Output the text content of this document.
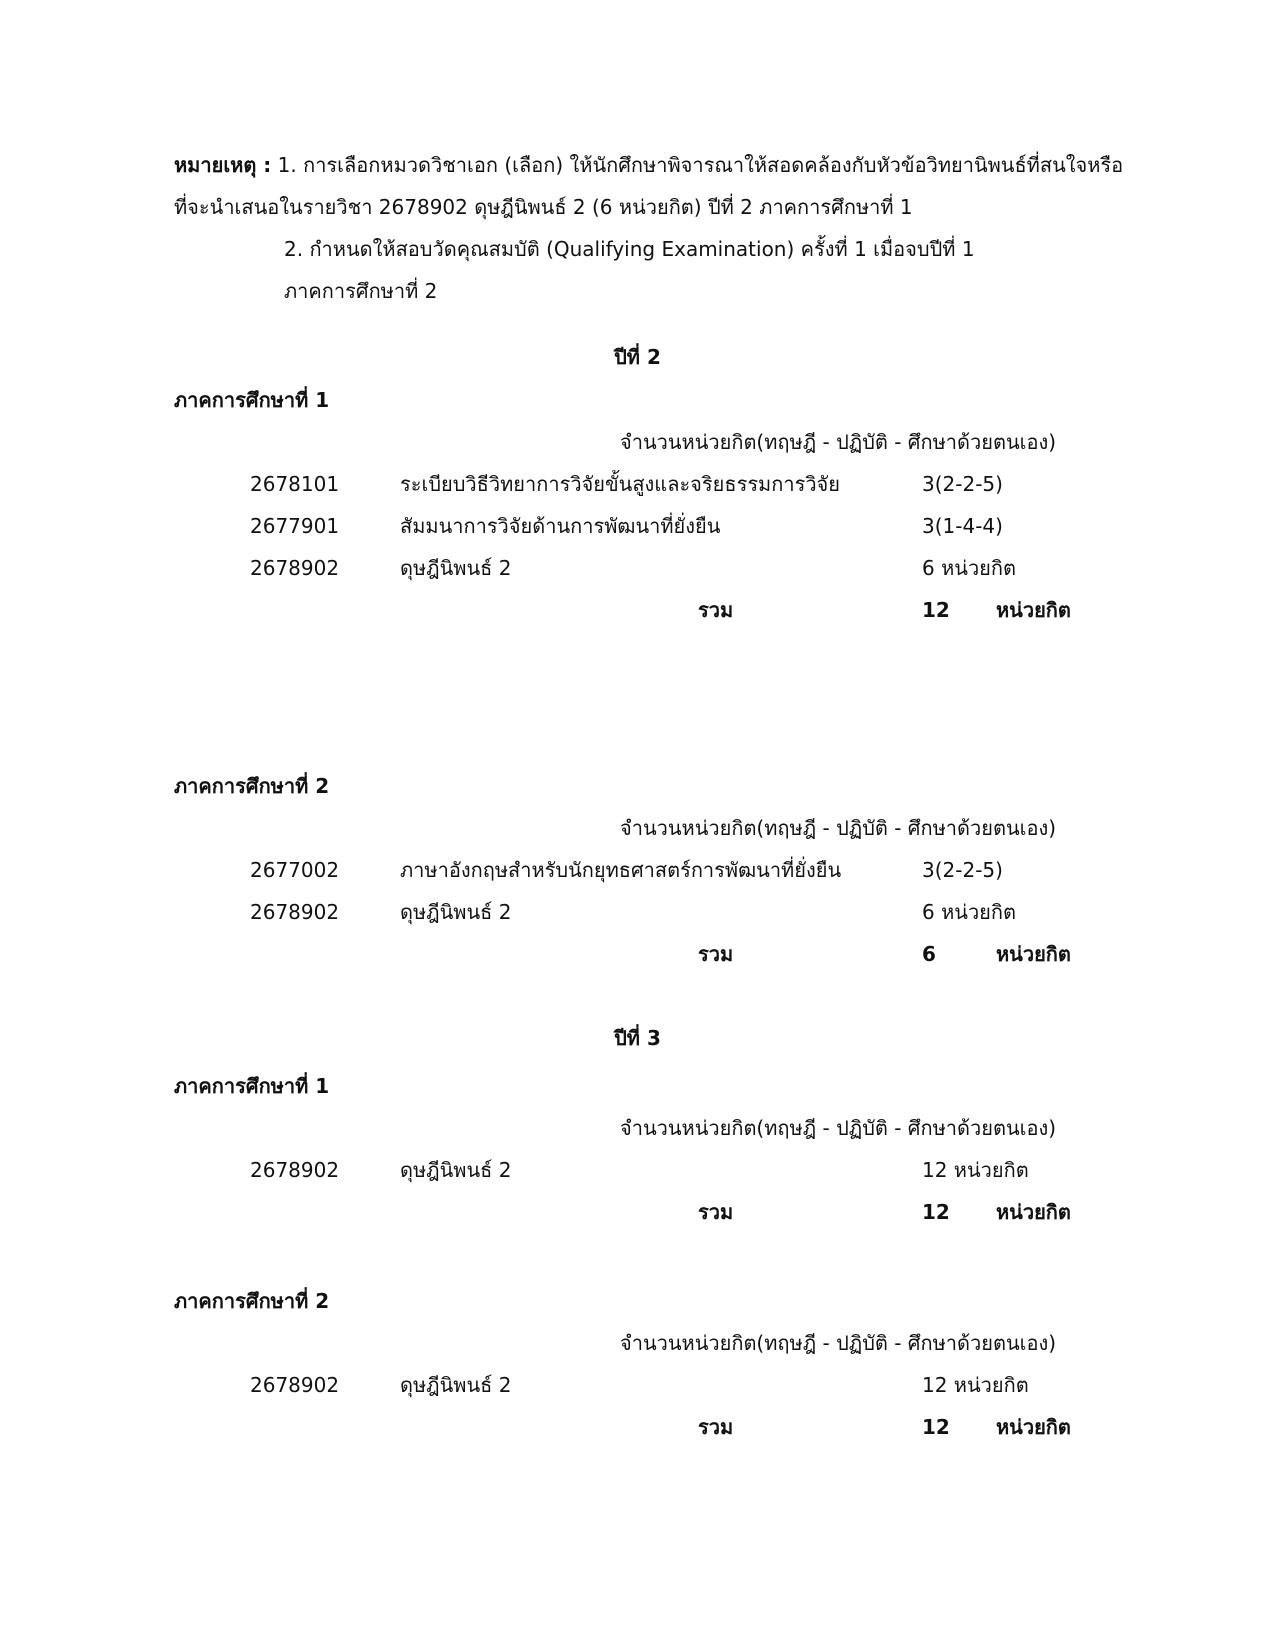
หมายเหตุ : 1. การเลือกหมวดวิชาเอก (เลือก) ให้นักศึกษาพิจารณาให้สอดคล้องกับหัวข้อวิทยานิพนธ์ที่สนใจหรือ
ที่จะนำเสนอในรายวิชา 2678902 ดุษฎีนิพนธ์ 2 (6 หน่วยกิต) ปีที่ 2 ภาคการศึกษาที่ 1
2. กำหนดให้สอบวัดคุณสมบัติ (Qualifying Examination) ครั้งที่ 1 เมื่อจบปีที่ 1
ภาคการศึกษาที่ 2
ปีที่ 2
ภาคการศึกษาที่ 1
จำนวนหน่วยกิต(ทฤษฎี - ปฏิบัติ - ศึกษาด้วยตนเอง)
2678101	ระเบียบวิธีวิทยาการวิจัยขั้นสูงและจริยธรรมการวิจัย	3(2-2-5)
2677901	สัมมนาการวิจัยด้านการพัฒนาที่ยั่งยืน	3(1-4-4)
2678902	ดุษฎีนิพนธ์ 2	6 หน่วยกิต
รวม	12 หน่วยกิต
ภาคการศึกษาที่ 2
จำนวนหน่วยกิต(ทฤษฎี - ปฏิบัติ - ศึกษาด้วยตนเอง)
2677002	ภาษาอังกฤษสำหรับนักยุทธศาสตร์การพัฒนาที่ยั่งยืน	3(2-2-5)
2678902	ดุษฎีนิพนธ์ 2	6 หน่วยกิต
รวม	6	หน่วยกิต
ปีที่ 3
ภาคการศึกษาที่ 1
จำนวนหน่วยกิต(ทฤษฎี - ปฏิบัติ - ศึกษาด้วยตนเอง)
2678902	ดุษฎีนิพนธ์ 2	12 หน่วยกิต
รวม	12 หน่วยกิต
ภาคการศึกษาที่ 2
จำนวนหน่วยกิต(ทฤษฎี - ปฏิบัติ - ศึกษาด้วยตนเอง)
2678902	ดุษฎีนิพนธ์ 2	12 หน่วยกิต
รวม	12 หน่วยกิต
